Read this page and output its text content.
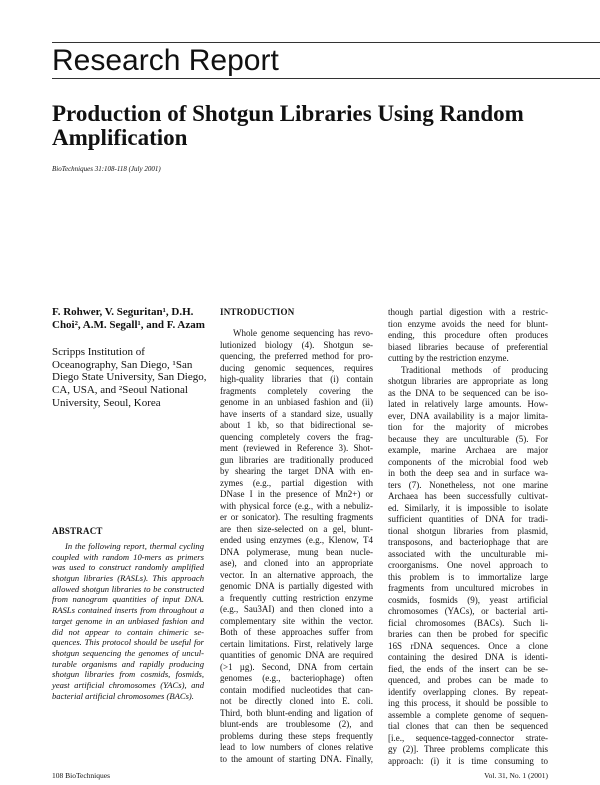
Research Report
Production of Shotgun Libraries Using Random Amplification
BioTechniques 31:108-118 (July 2001)
F. Rohwer, V. Seguritan¹, D.H. Choi², A.M. Segall¹, and F. Azam
Scripps Institution of Oceanography, San Diego, ¹San Diego State University, San Diego, CA, USA, and ²Seoul National University, Seoul, Korea
ABSTRACT
In the following report, thermal cycling
coupled with random 10-mers as primers
was used to construct randomly amplified
shotgun libraries (RASLs). This approach
allowed shotgun libraries to be constructed
from nanogram quantities of input DNA.
RASLs contained inserts from throughout a
target genome in an unbiased fashion and
did not appear to contain chimeric se-
quences. This protocol should be useful for
shotgun sequencing the genomes of uncul-
turable organisms and rapidly producing
shotgun libraries from cosmids, fosmids,
yeast artificial chromosomes (YACs), and
bacterial artificial chromosomes (BACs).
INTRODUCTION
Whole genome sequencing has revo-
lutionized biology (4). Shotgun se-
quencing, the preferred method for pro-
ducing genomic sequences, requires
high-quality libraries that (i) contain
fragments completely covering the
genome in an unbiased fashion and (ii)
have inserts of a standard size, usually
about 1 kb, so that bidirectional se-
quencing completely covers the frag-
ment (reviewed in Reference 3). Shot-
gun libraries are traditionally produced
by shearing the target DNA with en-
zymes (e.g., partial digestion with
DNase I in the presence of Mn2+) or
with physical force (e.g., with a nebuliz-
er or sonicator). The resulting fragments
are then size-selected on a gel, blunt-
ended using enzymes (e.g., Klenow, T4
DNA polymerase, mung bean nucle-
ase), and cloned into an appropriate
vector. In an alternative approach, the
genomic DNA is partially digested with
a frequently cutting restriction enzyme
(e.g., Sau3AI) and then cloned into a
complementary site within the vector.
Both of these approaches suffer from
certain limitations. First, relatively large
quantities of genomic DNA are required
(>1 µg). Second, DNA from certain
genomes (e.g., bacteriophage) often
contain modified nucleotides that can-
not be directly cloned into E. coli.
Third, both blunt-ending and ligation of
blunt-ends are troublesome (2), and
problems during these steps frequently
lead to low numbers of clones relative
to the amount of starting DNA. Finally,
though partial digestion with a restric-
tion enzyme avoids the need for blunt-
ending, this procedure often produces
biased libraries because of preferential
cutting by the restriction enzyme.
Traditional methods of producing
shotgun libraries are appropriate as long
as the DNA to be sequenced can be iso-
lated in relatively large amounts. How-
ever, DNA availability is a major limita-
tion for the majority of microbes
because they are unculturable (5). For
example, marine Archaea are major
components of the microbial food web
in both the deep sea and in surface wa-
ters (7). Nonetheless, not one marine
Archaea has been successfully cultivat-
ed. Similarly, it is impossible to isolate
sufficient quantities of DNA for tradi-
tional shotgun libraries from plasmid,
transposons, and bacteriophage that are
associated with the unculturable mi-
croorganisms. One novel approach to
this problem is to immortalize large
fragments from uncultured microbes in
cosmids, fosmids (9), yeast artificial
chromosomes (YACs), or bacterial arti-
ficial chromosomes (BACs). Such li-
braries can then be probed for specific
16S rDNA sequences. Once a clone
containing the desired DNA is identi-
fied, the ends of the insert can be se-
quenced, and probes can be made to
identify overlapping clones. By repeat-
ing this process, it should be possible to
assemble a complete genome of sequen-
tial clones that can then be sequenced
[i.e., sequence-tagged-connector strate-
gy (2)]. Three problems complicate this
approach: (i) it is time consuming to
108 BioTechniques	Vol. 31, No. 1 (2001)
